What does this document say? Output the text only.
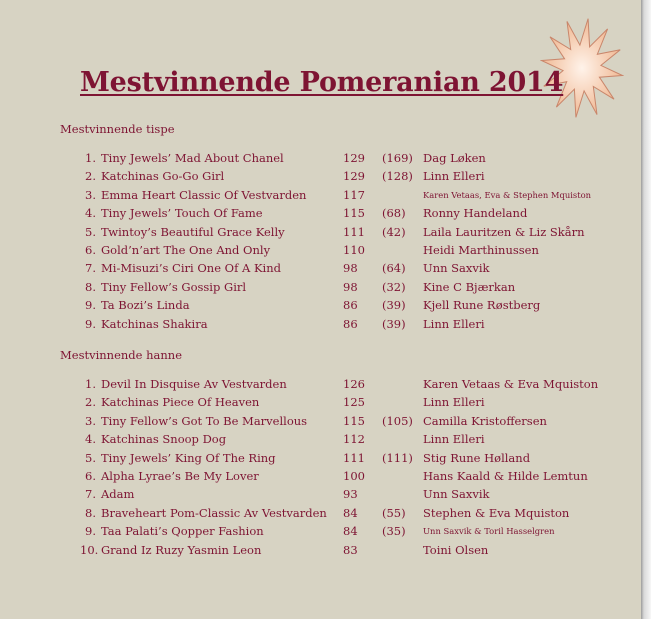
Mestvinnende Pomeranian 2014

Mestvinnende tispe

1. Tiny Jewels’ Mad About Chanel	129 (169) Dag Løken
2. Katchinas Go-Go Girl	129 (128) Linn Elleri
3. Emma Heart Classic Of Vestvarden	117	Karen Vetaas, Eva & Stephen Mquiston
4. Tiny Jewels’ Touch Of Fame	115 (68) Ronny Handeland
5. Twintoy’s Beautiful Grace Kelly	111 (42) Laila Lauritzen & Liz Skårn
6. Gold’n’art The One And Only	110	Heidi Marthinussen
7. Mi-Misuzi’s Ciri One Of A Kind	98 (64) Unn Saxvik
8. Tiny Fellow’s Gossip Girl	98 (32) Kine C Bjærkan
9. Ta Bozi’s Linda	86 (39) Kjell Rune Røstberg
9. Katchinas Shakira	86 (39) Linn Elleri

Mestvinnende hanne

1. Devil In Disquise Av Vestvarden	126	Karen Vetaas & Eva Mquiston
2. Katchinas Piece Of Heaven	125	Linn Elleri
3. Tiny Fellow’s Got To Be Marvellous	115 (105) Camilla Kristoffersen
4. Katchinas Snoop Dog	112	Linn Elleri
5. Tiny Jewels’ King Of The Ring	111 (111) Stig Rune Hølland
6. Alpha Lyrae’s Be My Lover	100	Hans Kaald & Hilde Lemtun
7. Adam	93	Unn Saxvik
8. Braveheart Pom-Classic Av Vestvarden 84 (55) Stephen & Eva Mquiston
9. Taa Palati’s Qopper Fashion	84 (35) Unn Saxvik & Toril Hasselgren
10. Grand Iz Ruzy Yasmin Leon	83	Toini Olsen
